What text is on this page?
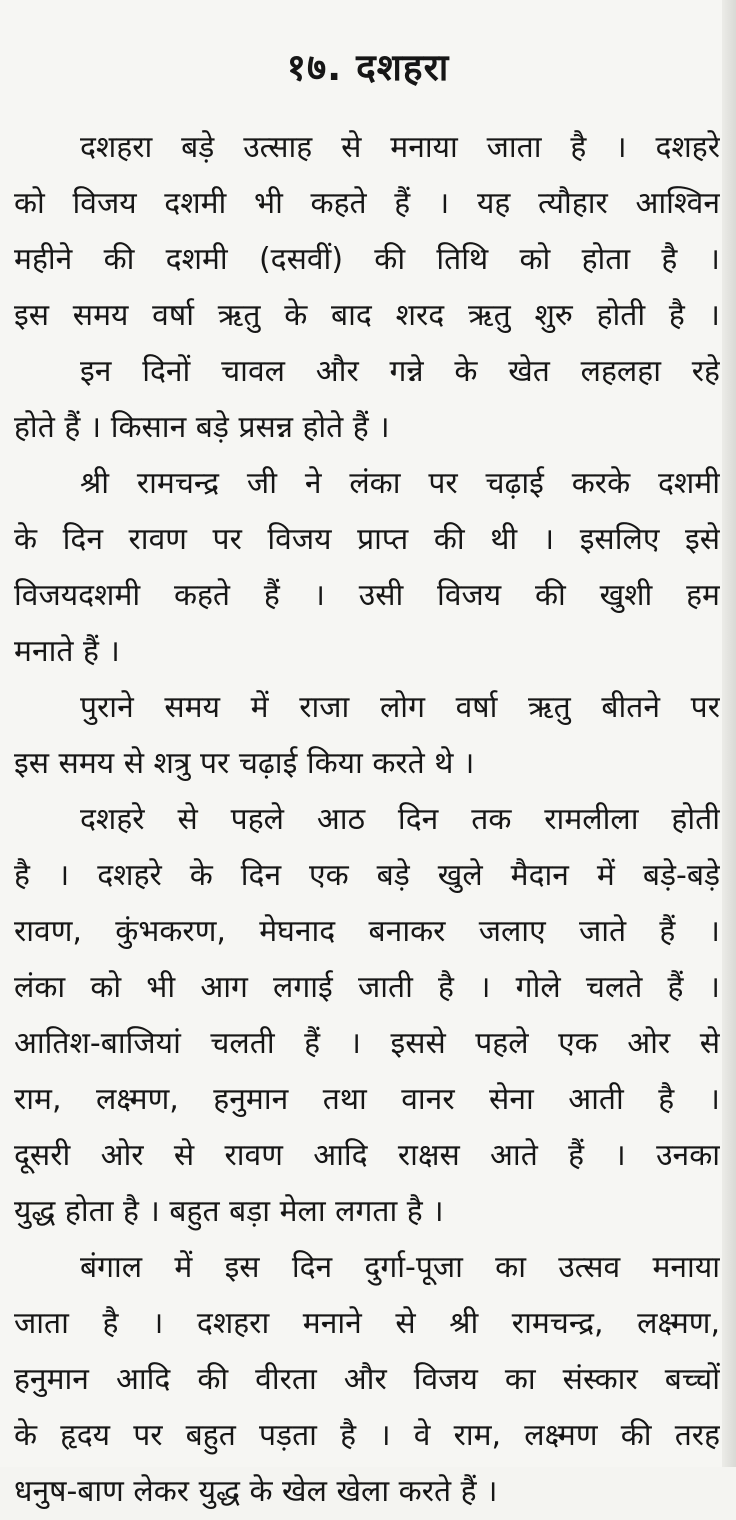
१७. दशहरा
दशहरा बड़े उत्साह से मनाया जाता है । दशहरे
को विजय दशमी भी कहते हैं । यह त्यौहार आश्विन
महीने की दशमी (दसवीं) की तिथि को होता है ।
इस समय वर्षा ऋतु के बाद शरद ऋतु शुरु होती है ।
इन दिनों चावल और गन्ने के खेत लहलहा रहे
होते हैं । किसान बड़े प्रसन्न होते हैं ।
श्री रामचन्द्र जी ने लंका पर चढ़ाई करके दशमी
के दिन रावण पर विजय प्राप्त की थी । इसलिए इसे
विजयदशमी कहते हैं । उसी विजय की खुशी हम
मनाते हैं ।
पुराने समय में राजा लोग वर्षा ऋतु बीतने पर
इस समय से शत्रु पर चढ़ाई किया करते थे ।
दशहरे से पहले आठ दिन तक रामलीला होती
है । दशहरे के दिन एक बड़े खुले मैदान में बड़े-बड़े
रावण, कुंभकरण, मेघनाद बनाकर जलाए जाते हैं ।
लंका को भी आग लगाई जाती है । गोले चलते हैं ।
आतिश-बाजियां चलती हैं । इससे पहले एक ओर से
राम, लक्ष्मण, हनुमान तथा वानर सेना आती है ।
दूसरी ओर से रावण आदि राक्षस आते हैं । उनका
युद्ध होता है । बहुत बड़ा मेला लगता है ।
बंगाल में इस दिन दुर्गा-पूजा का उत्सव मनाया
जाता है । दशहरा मनाने से श्री रामचन्द्र, लक्ष्मण,
हनुमान आदि की वीरता और विजय का संस्कार बच्चों
के हृदय पर बहुत पड़ता है । वे राम, लक्ष्मण की तरह
धनुष-बाण लेकर युद्ध के खेल खेला करते हैं ।
